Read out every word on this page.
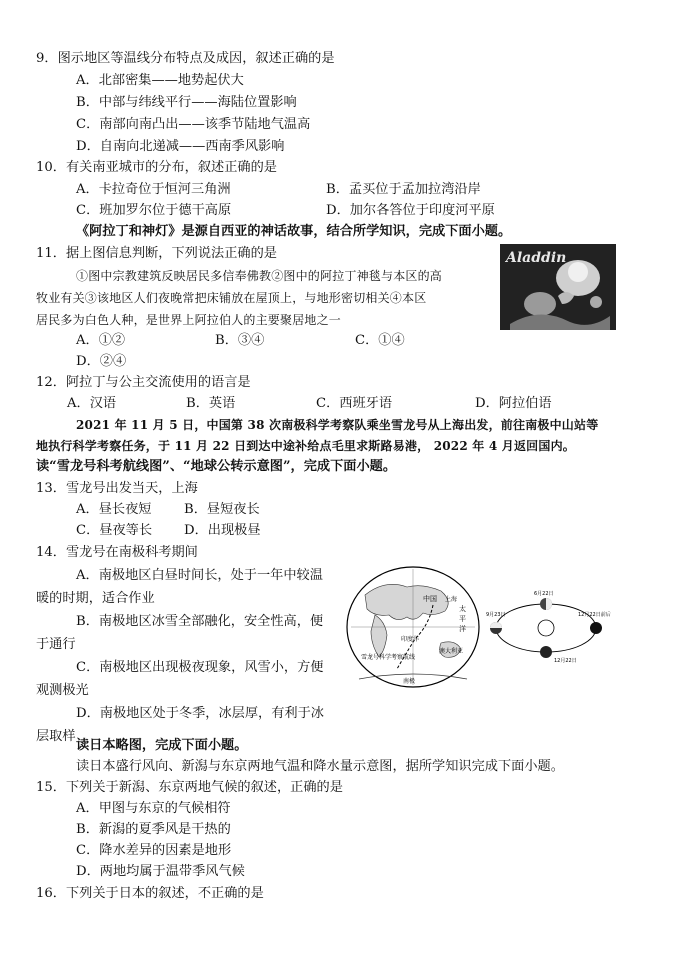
9．图示地区等温线分布特点及成因，叙述正确的是
A．北部密集——地势起伏大
B．中部与纬线平行——海陆位置影响
C．南部向南凸出——该季节陆地气温高
D．自南向北递减——西南季风影响
10．有关南亚城市的分布，叙述正确的是
A．卡拉奇位于恒河三角洲	B．孟买位于孟加拉湾沿岸
C．班加罗尔位于德干高原	D．加尔各答位于印度河平原
《阿拉丁和神灯》是源自西亚的神话故事，结合所学知识，完成下面小题。
11．据上图信息判断，下列说法正确的是
①图中宗教建筑反映居民多信奉佛教②图中的阿拉丁神毯与本区的高
牧业有关③该地区人们夜晚常把床铺放在屋顶上，与地形密切相关④本区
居民多为白色人种，是世界上阿拉伯人的主要聚居地之一
Aladdin
A．①②	B．③④	C．①④
D．②④
12．阿拉丁与公主交流使用的语言是
A．汉语	B．英语	C．西班牙语	D．阿拉伯语
2021 年 11 月 5 日，中国第 38 次南极科学考察队乘坐雪龙号从上海出发，前往南极中山站等
地执行科学考察任务，于 11 月 22 日到达中途补给点毛里求斯路易港， 2022 年 4 月返回国内。
读“雪龙号科考航线图”、“地球公转示意图”，完成下面小题。
13．雪龙号出发当天，上海
A．昼长夜短 B．昼短夜长
C．昼夜等长 D．出现极昼
14．雪龙号在南极科考期间
A．南极地区白昼时间长，处于一年中较温
暖的时期，适合作业
B．南极地区冰雪全部融化，安全性高，便
于通行
C．南极地区出现极夜现象，风雪小，方便
观测极光
D．南极地区处于冬季，冰层厚，有利于冰
层取样
中国 上海
太
平
洋
印度洋
澳大利亚
雪龙号科学考察航线
南极
6月22日
9月23日	12月22日前后
12月22日
读日本略图，完成下面小题。
读日本盛行风向、新潟与东京两地气温和降水量示意图，据所学知识完成下面小题。
15．下列关于新潟、东京两地气候的叙述，正确的是
A．甲图与东京的气候相符
B．新潟的夏季风是干热的
C．降水差异的因素是地形
D．两地均属于温带季风气候
16．下列关于日本的叙述，不正确的是
